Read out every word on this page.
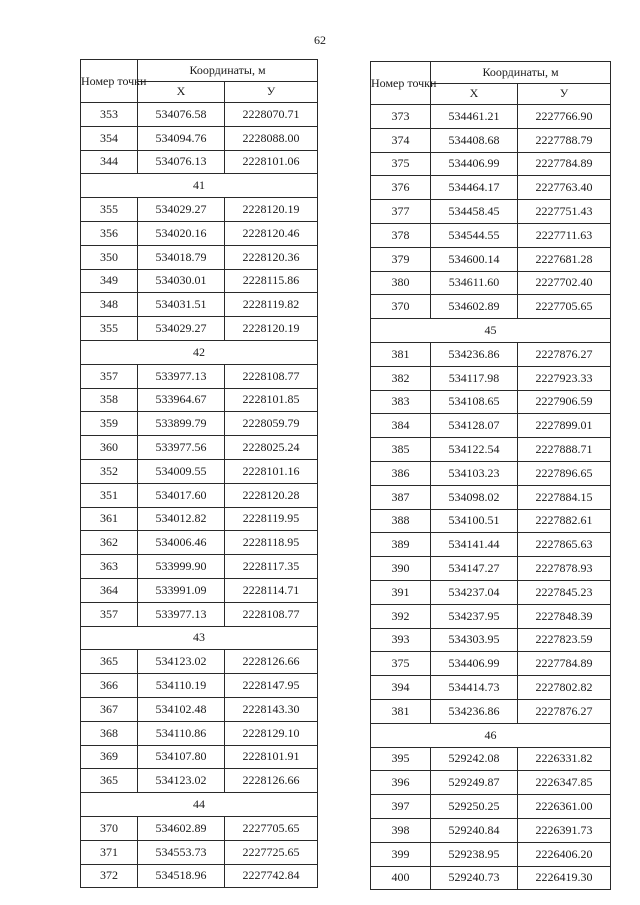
62
Номер точки	Координаты, м	
	X	У
353	534076.58	2228070.71
354	534094.76	2228088.00
344	534076.13	2228101.06
41		
355	534029.27	2228120.19
356	534020.16	2228120.46
350	534018.79	2228120.36
349	534030.01	2228115.86
348	534031.51	2228119.82
355	534029.27	2228120.19
42		
357	533977.13	2228108.77
358	533964.67	2228101.85
359	533899.79	2228059.79
360	533977.56	2228025.24
352	534009.55	2228101.16
351	534017.60	2228120.28
361	534012.82	2228119.95
362	534006.46	2228118.95
363	533999.90	2228117.35
364	533991.09	2228114.71
357	533977.13	2228108.77
43		
365	534123.02	2228126.66
366	534110.19	2228147.95
367	534102.48	2228143.30
368	534110.86	2228129.10
369	534107.80	2228101.91
365	534123.02	2228126.66
44		
370	534602.89	2227705.65
371	534553.73	2227725.65
372	534518.96	2227742.84
Номер точки	Координаты, м	
	X	У
373	534461.21	2227766.90
374	534408.68	2227788.79
375	534406.99	2227784.89
376	534464.17	2227763.40
377	534458.45	2227751.43
378	534544.55	2227711.63
379	534600.14	2227681.28
380	534611.60	2227702.40
370	534602.89	2227705.65
45		
381	534236.86	2227876.27
382	534117.98	2227923.33
383	534108.65	2227906.59
384	534128.07	2227899.01
385	534122.54	2227888.71
386	534103.23	2227896.65
387	534098.02	2227884.15
388	534100.51	2227882.61
389	534141.44	2227865.63
390	534147.27	2227878.93
391	534237.04	2227845.23
392	534237.95	2227848.39
393	534303.95	2227823.59
375	534406.99	2227784.89
394	534414.73	2227802.82
381	534236.86	2227876.27
46		
395	529242.08	2226331.82
396	529249.87	2226347.85
397	529250.25	2226361.00
398	529240.84	2226391.73
399	529238.95	2226406.20
400	529240.73	2226419.30
